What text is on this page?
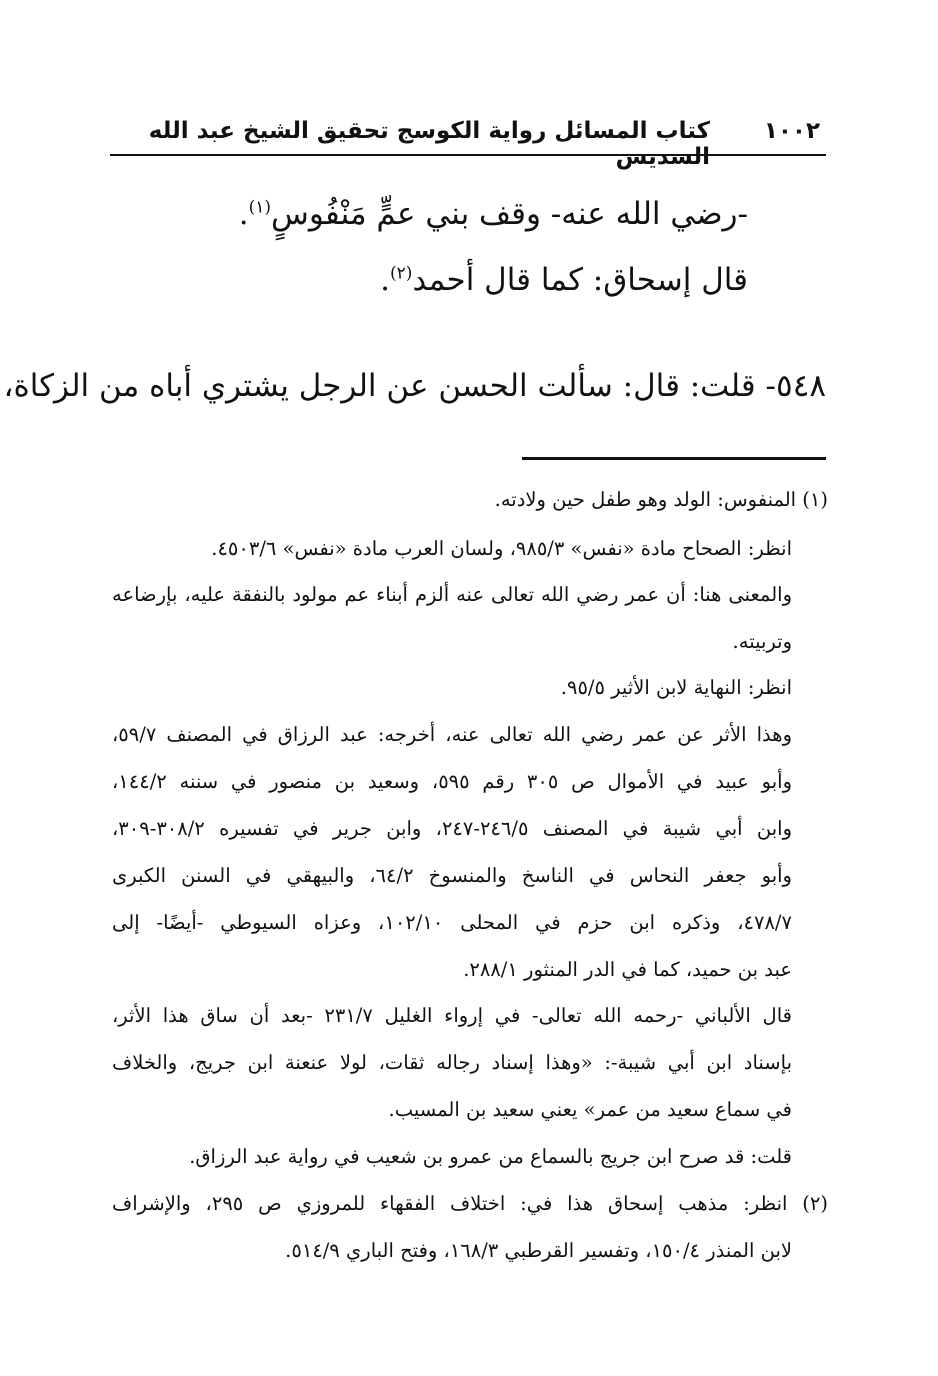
١٠٠٢
كتاب المسائل رواية الكوسج تحقيق الشيخ عبد الله السديس
-رضي الله عنه- وقف بني عمٍّ مَنْفُوسٍ$^{(١)}$.
قال إسحاق: كما قال أحمد$^{(٢)}$.
٥٤٨- قلت: قال: سألت الحسن عن الرجل يشتري أباه من الزكاة،
(١) المنفوس: الولد وهو طفل حين ولادته.
انظر: الصحاح مادة «نفس» ٩٨٥/٣، ولسان العرب مادة «نفس» ٤٥٠٣/٦.
والمعنى هنا: أن عمر رضي الله تعالى عنه ألزم أبناء عم مولود بالنفقة عليه، بإرضاعه
وتربيته.
انظر: النهاية لابن الأثير ٩٥/٥.
وهذا الأثر عن عمر رضي الله تعالى عنه، أخرجه: عبد الرزاق في المصنف ٥٩/٧،
وأبو عبيد في الأموال ص ٣٠٥ رقم ٥٩٥، وسعيد بن منصور في سننه ١٤٤/٢،
وابن أبي شيبة في المصنف ٢٤٦/٥-٢٤٧، وابن جرير في تفسيره ٣٠٨/٢-٣٠٩،
وأبو جعفر النحاس في الناسخ والمنسوخ ٦٤/٢، والبيهقي في السنن الكبرى
٤٧٨/٧، وذكره ابن حزم في المحلى ١٠٢/١٠، وعزاه السيوطي -أيضًا- إلى
عبد بن حميد، كما في الدر المنثور ٢٨٨/١.
قال الألباني -رحمه الله تعالى- في إرواء الغليل ٢٣١/٧ -بعد أن ساق هذا الأثر،
بإسناد ابن أبي شيبة-: «وهذا إسناد رجاله ثقات، لولا عنعنة ابن جريج، والخلاف
في سماع سعيد من عمر» يعني سعيد بن المسيب.
قلت: قد صرح ابن جريج بالسماع من عمرو بن شعيب في رواية عبد الرزاق.
(٢) انظر: مذهب إسحاق هذا في: اختلاف الفقهاء للمروزي ص ٢٩٥، والإشراف
لابن المنذر ١٥٠/٤، وتفسير القرطبي ١٦٨/٣، وفتح الباري ٥١٤/٩.
